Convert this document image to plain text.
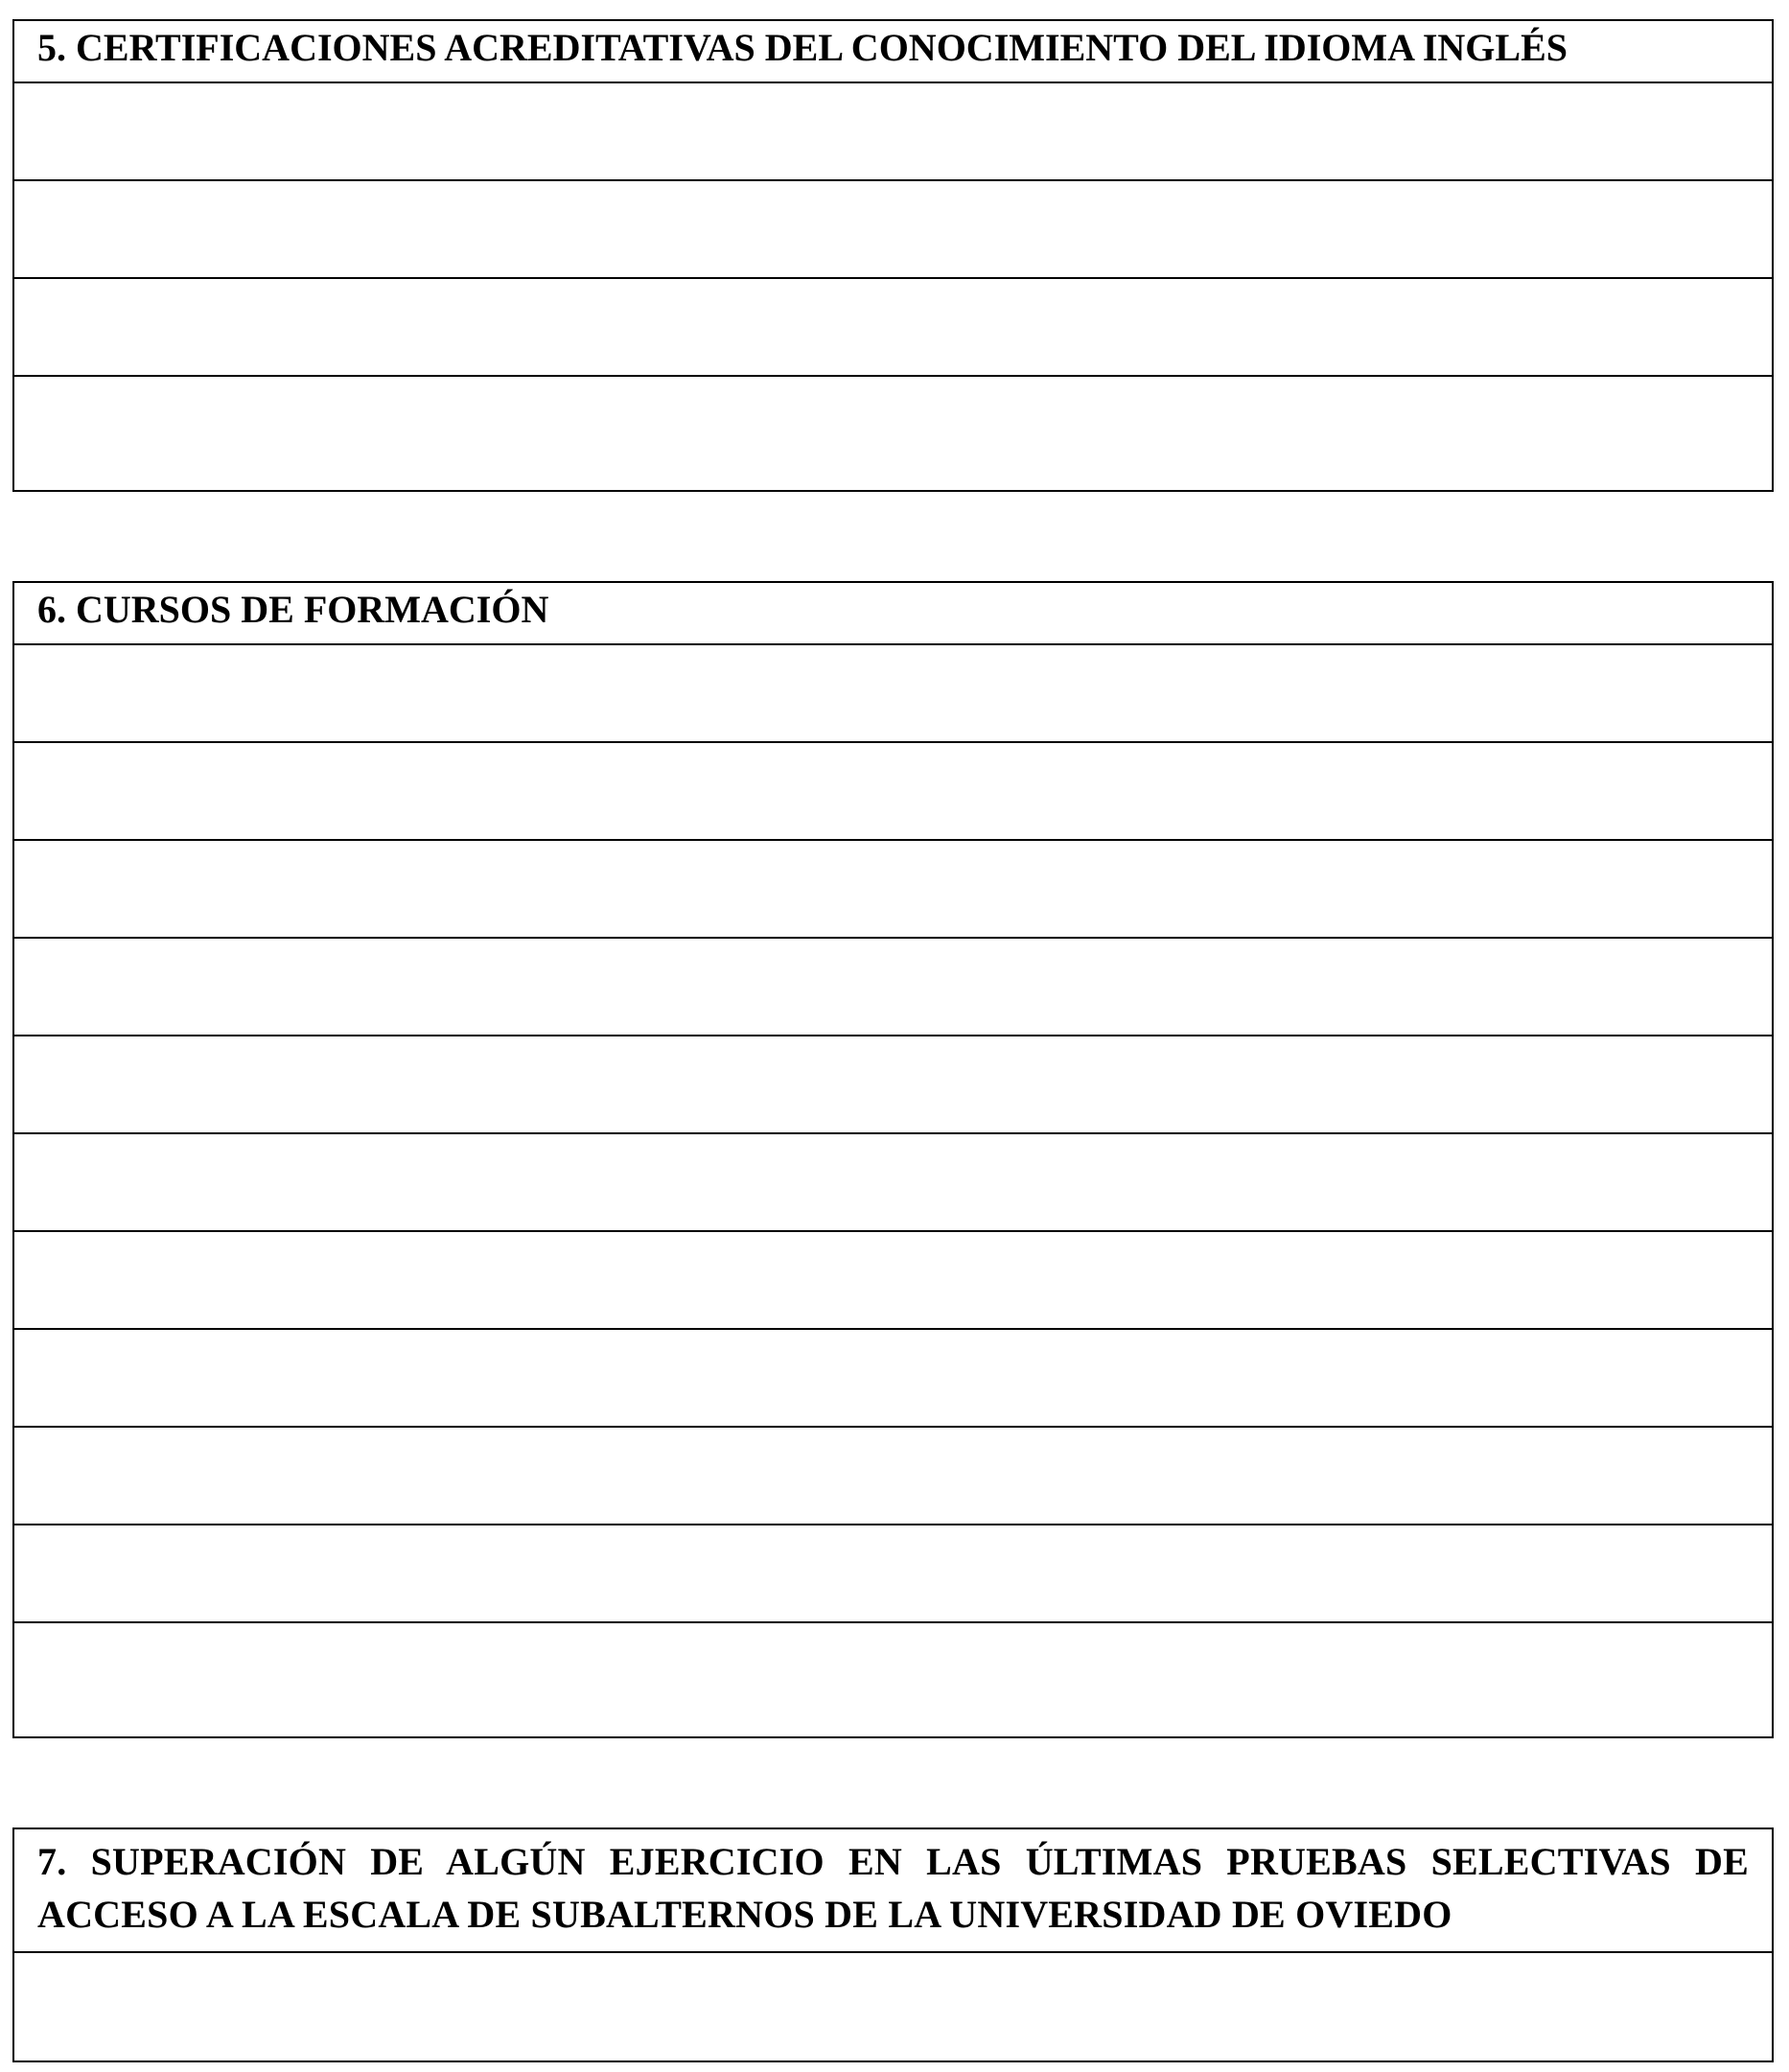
5. CERTIFICACIONES ACREDITATIVAS DEL CONOCIMIENTO DEL IDIOMA INGLÉS
6. CURSOS DE FORMACIÓN
7. SUPERACIÓN DE ALGÚN EJERCICIO EN LAS ÚLTIMAS PRUEBAS SELECTIVAS DE ACCESO A LA ESCALA DE SUBALTERNOS DE LA UNIVERSIDAD DE OVIEDO
